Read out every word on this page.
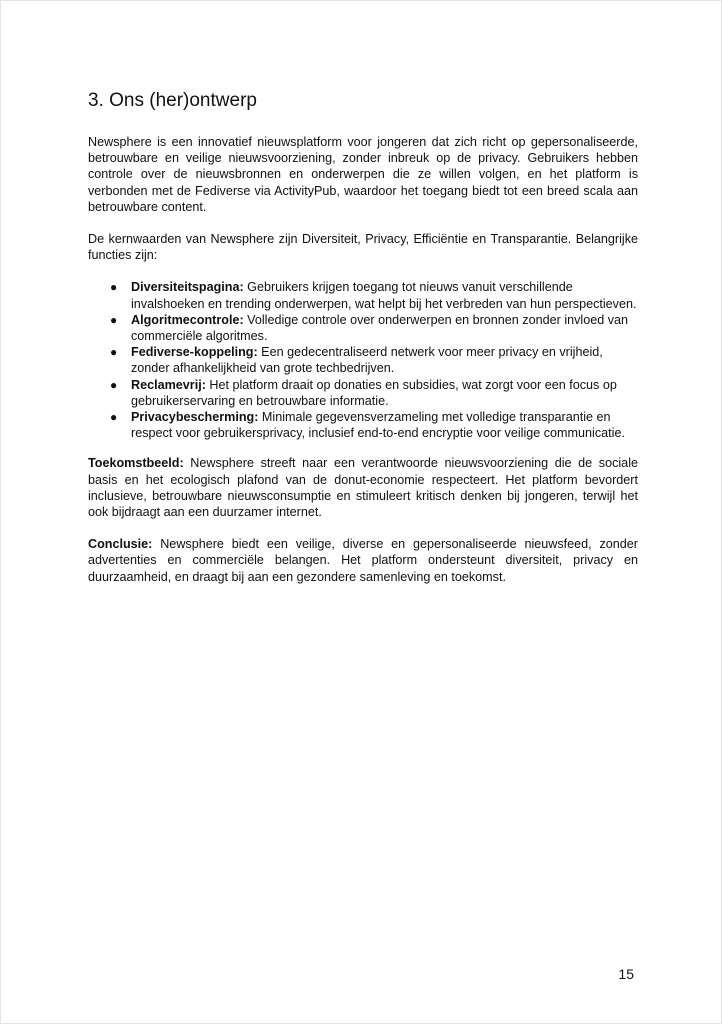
3. Ons (her)ontwerp

Newsphere is een innovatief nieuwsplatform voor jongeren dat zich richt op gepersonaliseerde, betrouwbare en veilige nieuwsvoorziening, zonder inbreuk op de privacy. Gebruikers hebben controle over de nieuwsbronnen en onderwerpen die ze willen volgen, en het platform is verbonden met de Fediverse via ActivityPub, waardoor het toegang biedt tot een breed scala aan betrouwbare content.

De kernwaarden van Newsphere zijn Diversiteit, Privacy, Efficiëntie en Transparantie. Belangrijke functies zijn:

● Diversiteitspagina: Gebruikers krijgen toegang tot nieuws vanuit verschillende invalshoeken en trending onderwerpen, wat helpt bij het verbreden van hun perspectieven.
● Algoritmecontrole: Volledige controle over onderwerpen en bronnen zonder invloed van commerciële algoritmes.
● Fediverse-koppeling: Een gedecentraliseerd netwerk voor meer privacy en vrijheid, zonder afhankelijkheid van grote techbedrijven.
● Reclamevrij: Het platform draait op donaties en subsidies, wat zorgt voor een focus op gebruikerservaring en betrouwbare informatie.
● Privacybescherming: Minimale gegevensverzameling met volledige transparantie en respect voor gebruikersprivacy, inclusief end-to-end encryptie voor veilige communicatie.

Toekomstbeeld: Newsphere streeft naar een verantwoorde nieuwsvoorziening die de sociale basis en het ecologisch plafond van de donut-economie respecteert. Het platform bevordert inclusieve, betrouwbare nieuwsconsumptie en stimuleert kritisch denken bij jongeren, terwijl het ook bijdraagt aan een duurzamer internet.

Conclusie: Newsphere biedt een veilige, diverse en gepersonaliseerde nieuwsfeed, zonder advertenties en commerciële belangen. Het platform ondersteunt diversiteit, privacy en duurzaamheid, en draagt bij aan een gezondere samenleving en toekomst.

15
